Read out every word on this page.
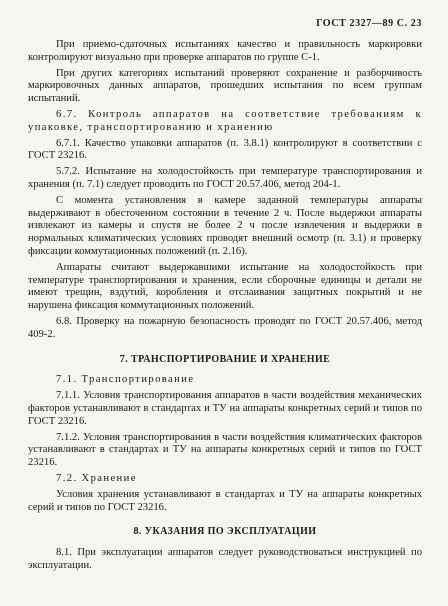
ГОСТ 2327—89 С. 23

При приемо-сдаточных испытаниях качество и правильность маркировки контролируют визуально при проверке аппаратов по группе С-1.

При других категориях испытаний проверяют сохранение и разборчивость маркировочных данных аппаратов, прошедших испытания по всем группам испытаний.

6.7. Контроль аппаратов на соответствие требованиям к упаковке, транспортированию и хранению

6.7.1. Качество упаковки аппаратов (п. 3.8.1) контролируют в соответствии с ГОСТ 23216.

5.7.2. Испытание на холодостойкость при температуре транспортирования и хранения (п. 7.1) следует проводить по ГОСТ 20.57.406, метод 204-1.

С момента установления в камере заданной температуры аппараты выдерживают в обесточенном состоянии в течение 2 ч. После выдержки аппараты извлекают из камеры и спустя не более 2 ч после извлечения и выдержки в нормальных климатических условиях проводят внешний осмотр (п. 3.1) и проверку фиксации коммутационных положений (п. 2.16).

Аппараты считают выдержавшими испытание на холодостойкость при температуре транспортирования и хранения, если сборочные единицы и детали не имеют трещин, вздутий, коробления и отслаивания защитных покрытий и не нарушена фиксация коммутационных положений.

6.8. Проверку на пожарную безопасность проводят по ГОСТ 20.57.406, метод 409-2.

7. ТРАНСПОРТИРОВАНИЕ И ХРАНЕНИЕ

7.1. Транспортирование

7.1.1. Условия транспортирования аппаратов в части воздействия механических факторов устанавливают в стандартах и ТУ на аппараты конкретных серий и типов по ГОСТ 23216.

7.1.2. Условия транспортирования в части воздействия климатических факторов устанавливают в стандартах и ТУ на аппараты конкретных серий и типов по ГОСТ 23216.

7.2. Хранение

Условия хранения устанавливают в стандартах и ТУ на аппараты конкретных серий и типов по ГОСТ 23216.

8. УКАЗАНИЯ ПО ЭКСПЛУАТАЦИИ

8.1. При эксплуатации аппаратов следует руководствоваться инструкцией по эксплуатации.
